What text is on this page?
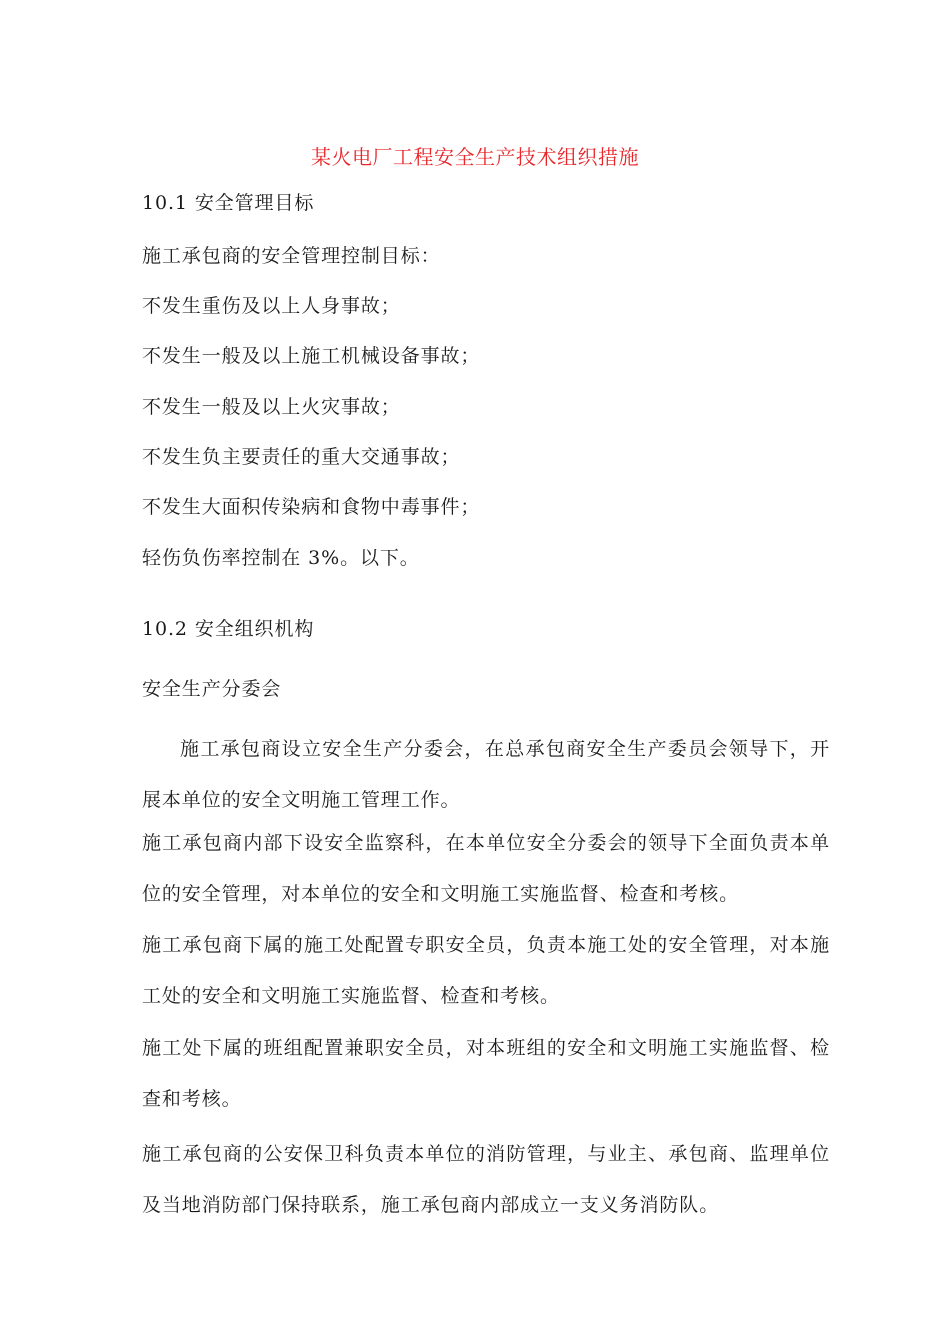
某火电厂工程安全生产技术组织措施
10.1 安全管理目标
施工承包商的安全管理控制目标：
不发生重伤及以上人身事故；
不发生一般及以上施工机械设备事故；
不发生一般及以上火灾事故；
不发生负主要责任的重大交通事故；
不发生大面积传染病和食物中毒事件；
轻伤负伤率控制在 3%。以下。
10.2 安全组织机构
安全生产分委会
施工承包商设立安全生产分委会，在总承包商安全生产委员会领导下，开展本单位的安全文明施工管理工作。
施工承包商内部下设安全监察科，在本单位安全分委会的领导下全面负责本单位的安全管理，对本单位的安全和文明施工实施监督、检查和考核。
施工承包商下属的施工处配置专职安全员，负责本施工处的安全管理，对本施工处的安全和文明施工实施监督、检查和考核。
施工处下属的班组配置兼职安全员，对本班组的安全和文明施工实施监督、检查和考核。
施工承包商的公安保卫科负责本单位的消防管理，与业主、承包商、监理单位及当地消防部门保持联系，施工承包商内部成立一支义务消防队。
